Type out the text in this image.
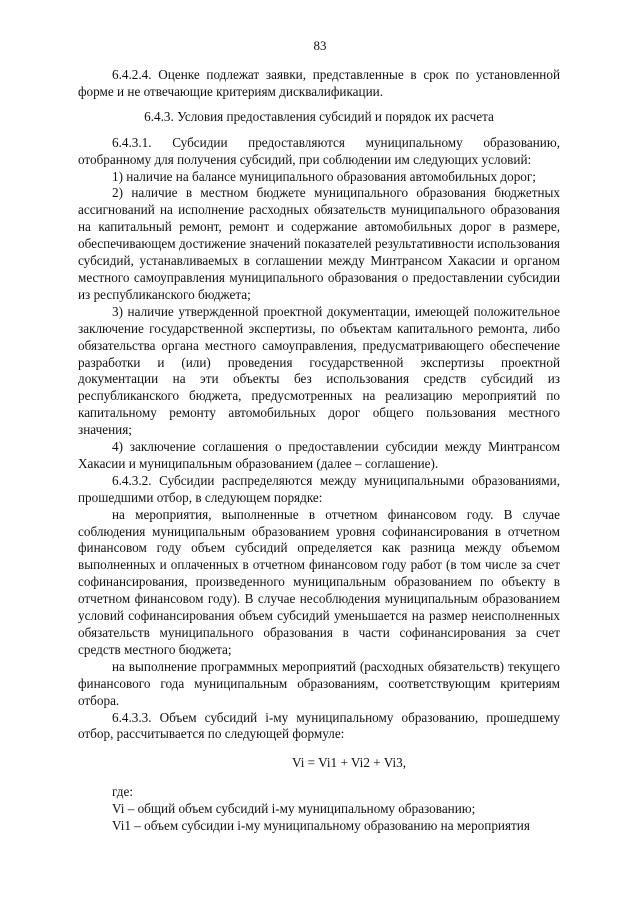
83

6.4.2.4. Оценке подлежат заявки, представленные в срок по установленной форме и не отвечающие критериям дисквалификации.

6.4.3. Условия предоставления субсидий и порядок их расчета

6.4.3.1. Субсидии предоставляются муниципальному образованию, отобранному для получения субсидий, при соблюдении им следующих условий:

1) наличие на балансе муниципального образования автомобильных дорог;

2) наличие в местном бюджете муниципального образования бюджетных ассигнований на исполнение расходных обязательств муниципального образования на капитальный ремонт, ремонт и содержание автомобильных дорог в размере, обеспечивающем достижение значений показателей результативности использования субсидий, устанавливаемых в соглашении между Минтрансом Хакасии и органом местного самоуправления муниципального образования о предоставлении субсидии из республиканского бюджета;

3) наличие утвержденной проектной документации, имеющей положительное заключение государственной экспертизы, по объектам капитального ремонта, либо обязательства органа местного самоуправления, предусматривающего обеспечение разработки и (или) проведения государственной экспертизы проектной документации на эти объекты без использования средств субсидий из республиканского бюджета, предусмотренных на реализацию мероприятий по капитальному ремонту автомобильных дорог общего пользования местного значения;

4) заключение соглашения о предоставлении субсидии между Минтрансом Хакасии и муниципальным образованием (далее – соглашение).

6.4.3.2. Субсидии распределяются между муниципальными образованиями, прошедшими отбор, в следующем порядке:

на мероприятия, выполненные в отчетном финансовом году. В случае соблюдения муниципальным образованием уровня софинансирования в отчетном финансовом году объем субсидий определяется как разница между объемом выполненных и оплаченных в отчетном финансовом году работ (в том числе за счет софинансирования, произведенного муниципальным образованием по объекту в отчетном финансовом году). В случае несоблюдения муниципальным образованием условий софинансирования объем субсидий уменьшается на размер неисполненных обязательств муниципального образования в части софинансирования за счет средств местного бюджета;

на выполнение программных мероприятий (расходных обязательств) текущего финансового года муниципальным образованиям, соответствующим критериям отбора.

6.4.3.3. Объем субсидий i-му муниципальному образованию, прошедшему отбор, рассчитывается по следующей формуле:

Vi = Vi1 + Vi2 + Vi3,

где:

Vi – общий объем субсидий i-му муниципальному образованию;

Vi1 – объем субсидии i-му муниципальному образованию на мероприятия
